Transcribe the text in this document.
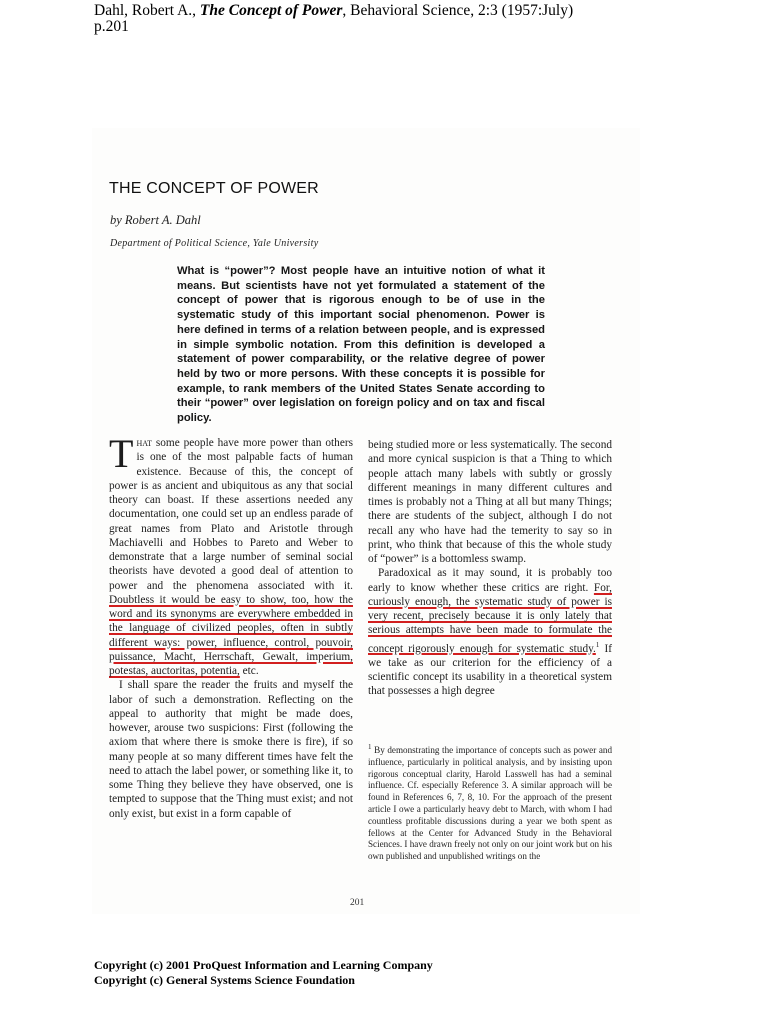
Dahl, Robert A., The Concept of Power, Behavioral Science, 2:3 (1957:July)
p.201
THE CONCEPT OF POWER
by Robert A. Dahl
Department of Political Science, Yale University
What is “power”? Most people have an intuitive notion of what it means. But scientists have not yet formulated a statement of the concept of power that is rigorous enough to be of use in the systematic study of this important social phenomenon. Power is here defined in terms of a relation between people, and is expressed in simple symbolic notation. From this definition is developed a statement of power comparability, or the relative degree of power held by two or more persons. With these concepts it is possible for example, to rank members of the United States Senate according to their “power” over legislation on foreign policy and on tax and fiscal policy.

That some people have more power than others is one of the most palpable facts of human existence. Because of this, the concept of power is as ancient and ubiquitous as any that social theory can boast. If these assertions needed any documentation, one could set up an endless parade of great names from Plato and Aristotle through Machiavelli and Hobbes to Pareto and Weber to demonstrate that a large number of seminal social theorists have devoted a good deal of attention to power and the phenomena associated with it. Doubtless it would be easy to show, too, how the word and its synonyms are everywhere embedded in the language of civilized peoples, often in subtly different ways: power, influence, control, pouvoir, puissance, Macht, Herrschaft, Gewalt, imperium, potestas, auctoritas, potentia, etc.

I shall spare the reader the fruits and myself the labor of such a demonstration. Reflecting on the appeal to authority that might be made does, however, arouse two suspicions: First (following the axiom that where there is smoke there is fire), if so many people at so many different times have felt the need to attach the label power, or something like it, to some Thing they believe they have observed, one is tempted to suppose that the Thing must exist; and not only exist, but exist in a form capable of

being studied more or less systematically. The second and more cynical suspicion is that a Thing to which people attach many labels with subtly or grossly different meanings in many different cultures and times is probably not a Thing at all but many Things; there are students of the subject, although I do not recall any who have had the temerity to say so in print, who think that because of this the whole study of “power” is a bottomless swamp.

Paradoxical as it may sound, it is probably too early to know whether these critics are right. For, curiously enough, the systematic study of power is very recent, precisely because it is only lately that serious attempts have been made to formulate the concept rigorously enough for systematic study.$^1$ If we take as our criterion for the efficiency of a scientific concept its usability in a theoretical system that possesses a high degree

$^1$ By demonstrating the importance of concepts such as power and influence, particularly in political analysis, and by insisting upon rigorous conceptual clarity, Harold Lasswell has had a seminal influence. Cf. especially Reference 3. A similar approach will be found in References 6, 7, 8, 10. For the approach of the present article I owe a particularly heavy debt to March, with whom I had countless profitable discussions during a year we both spent as fellows at the Center for Advanced Study in the Behavioral Sciences. I have drawn freely not only on our joint work but on his own published and unpublished writings on the
201
Copyright (c) 2001 ProQuest Information and Learning Company
Copyright (c) General Systems Science Foundation
